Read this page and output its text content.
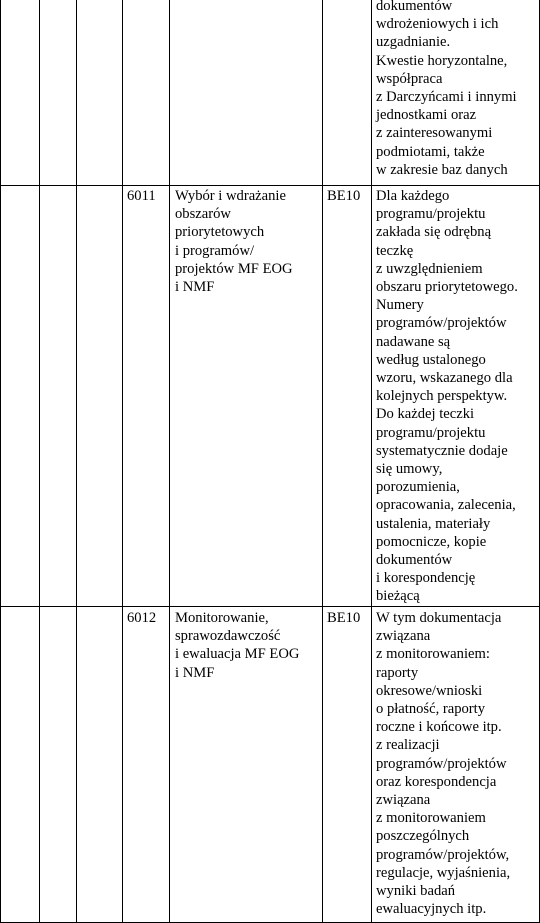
dokumentów
wdrożeniowych i ich
uzgadnianie.
Kwestie horyzontalne,
współpraca
z Darczyńcami i innymi
jednostkami oraz
z zainteresowanymi
podmiotami, także
w zakresie baz danych
6011 Wybór i wdrażanie
obszarów
priorytetowych
i programów/
projektów MF EOG
i NMF
BE10 Dla każdego
programu/projektu
zakłada się odrębną
teczkę
z uwzględnieniem
obszaru priorytetowego.
Numery
programów/projektów
nadawane są
według ustalonego
wzoru, wskazanego dla
kolejnych perspektyw.
Do każdej teczki
programu/projektu
systematycznie dodaje
się umowy,
porozumienia,
opracowania, zalecenia,
ustalenia, materiały
pomocnicze, kopie
dokumentów
i korespondencję
bieżącą
6012 Monitorowanie,
sprawozdawczość
i ewaluacja MF EOG
i NMF
BE10 W tym dokumentacja
związana
z monitorowaniem:
raporty
okresowe/wnioski
o płatność, raporty
roczne i końcowe itp.
z realizacji
programów/projektów
oraz korespondencja
związana
z monitorowaniem
poszczególnych
programów/projektów,
regulacje, wyjaśnienia,
wyniki badań
ewaluacyjnych itp.
